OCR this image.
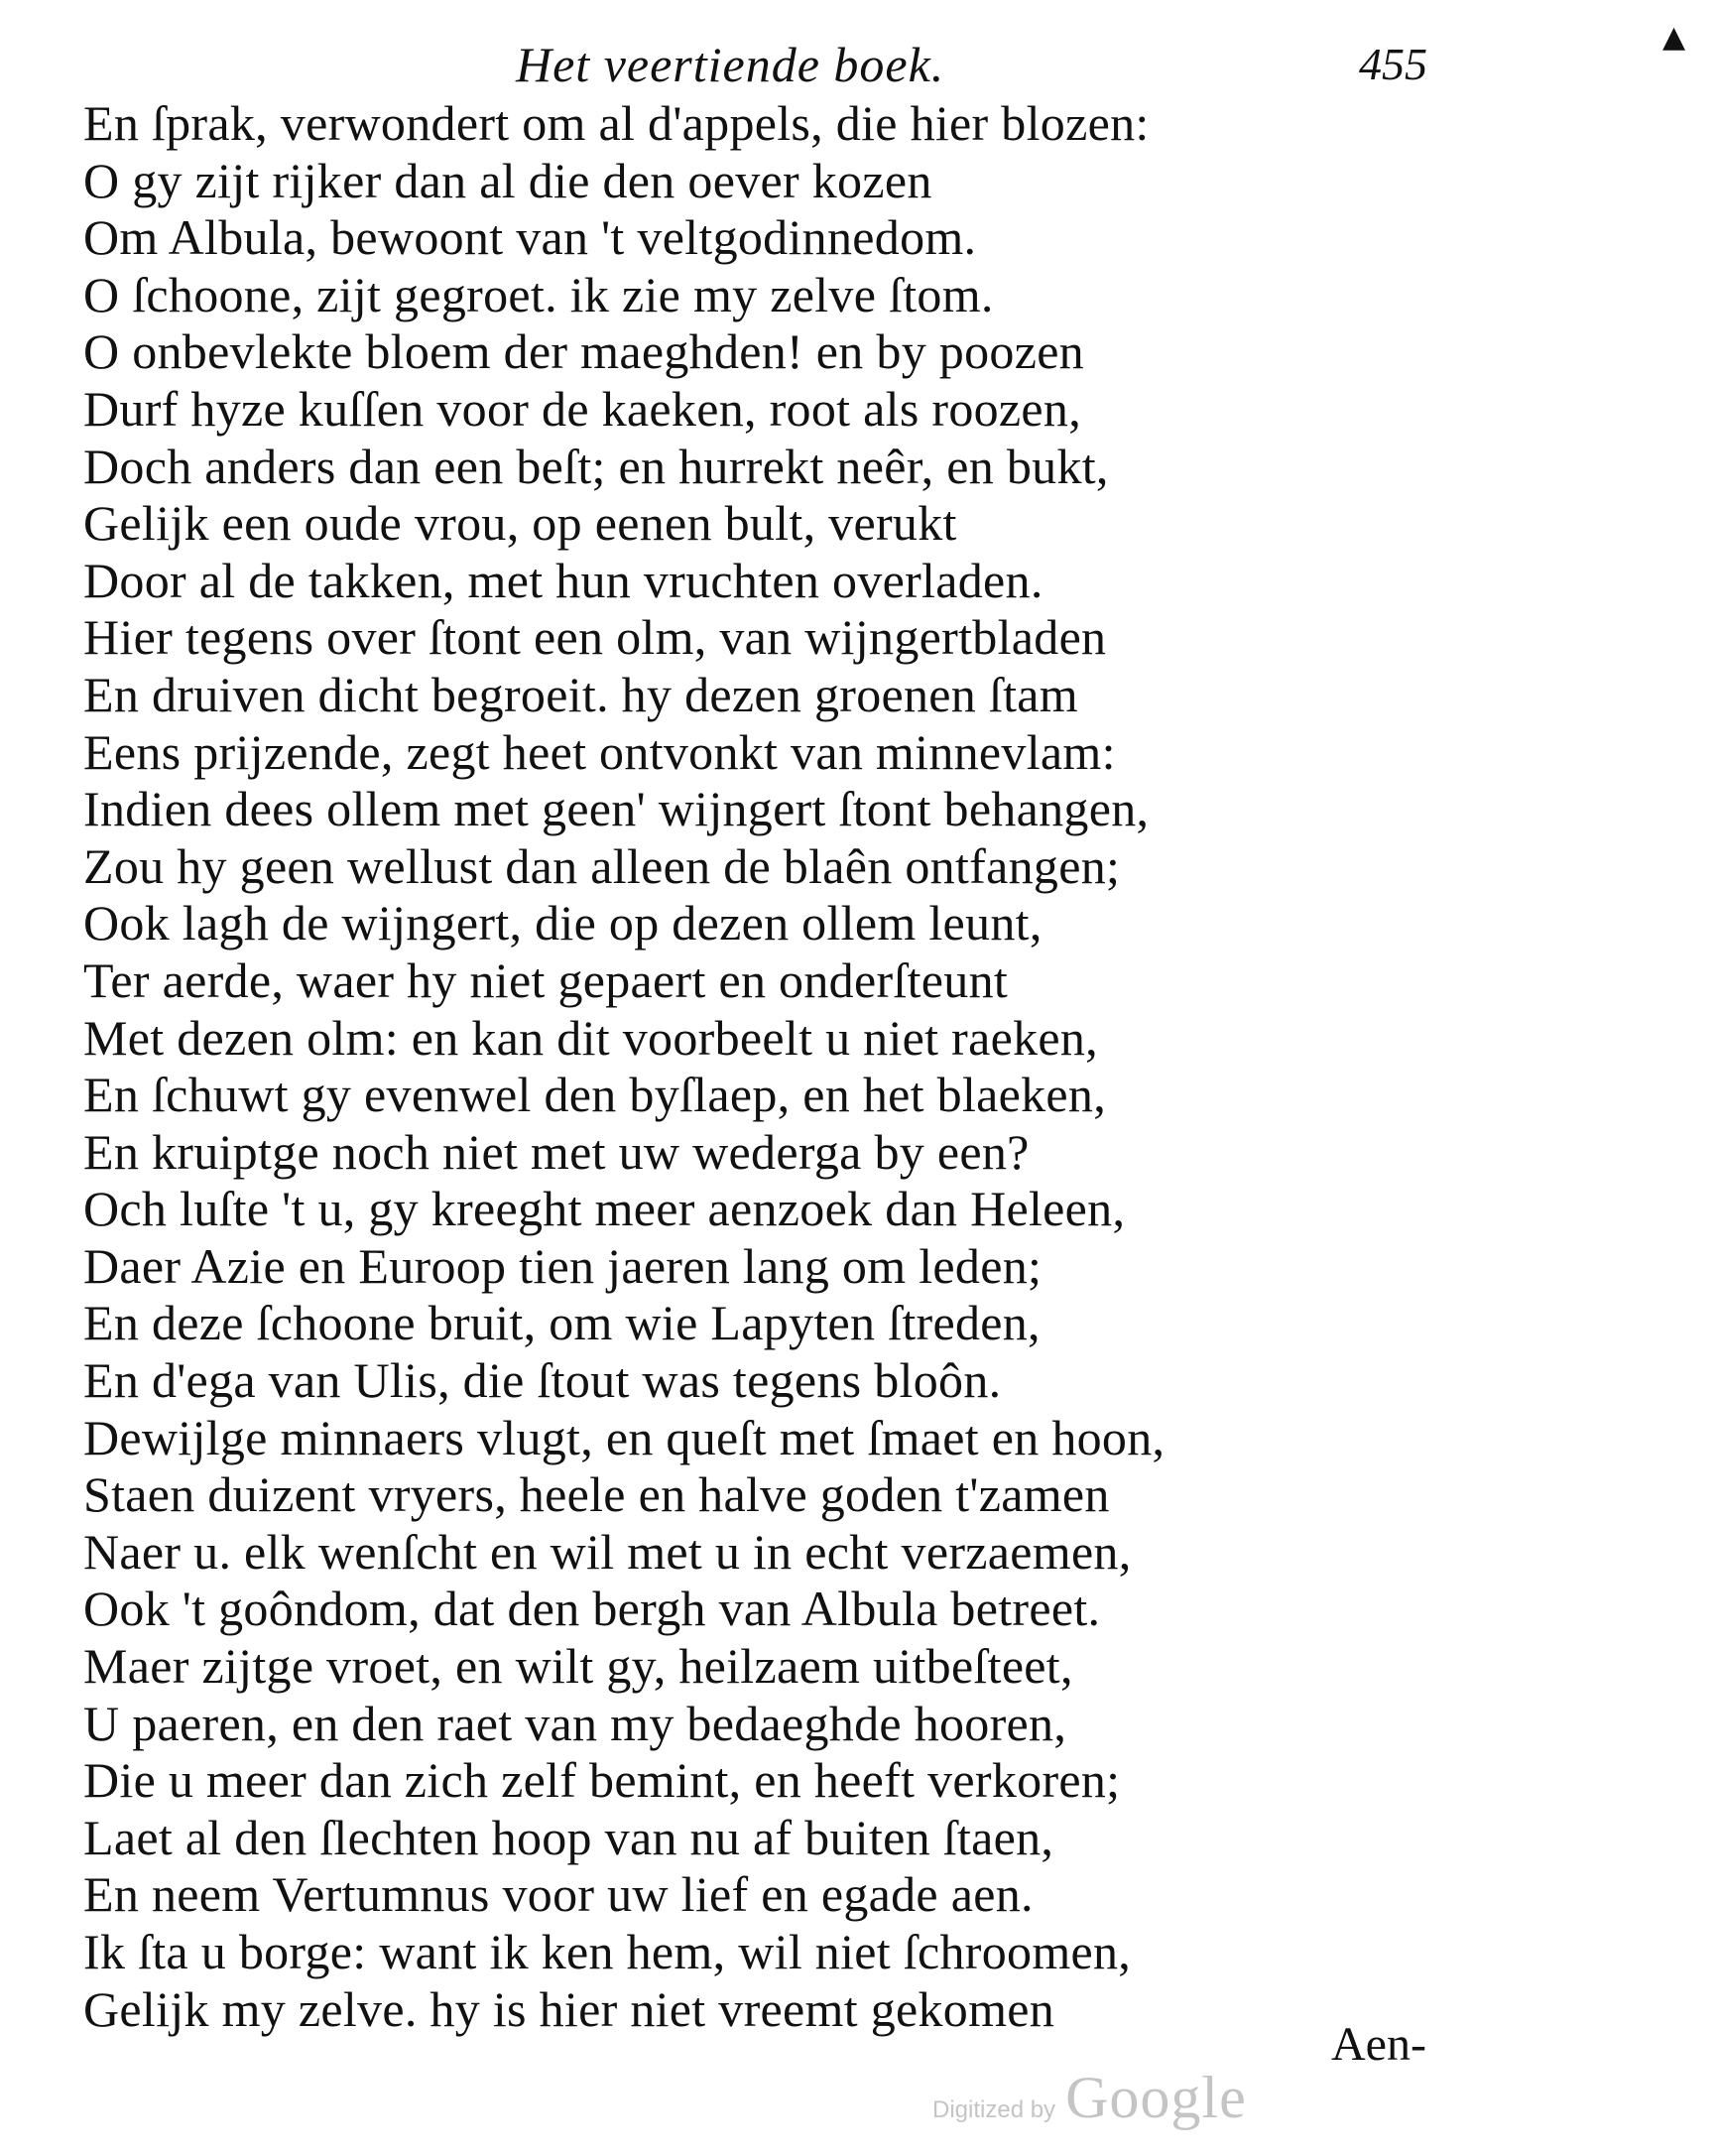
Het veertiende boek.	455
▲
En ſprak, verwondert om al d'appels, die hier blozen:
O gy zijt rijker dan al die den oever kozen
Om Albula, bewoont van 't veltgodinnedom.
O ſchoone, zijt gegroet. ik zie my zelve ſtom.
O onbevlekte bloem der maeghden! en by poozen
Durf hyze kuſſen voor de kaeken, root als roozen,
Doch anders dan een beſt; en hurrekt neêr, en bukt,
Gelijk een oude vrou, op eenen bult, verukt
Door al de takken, met hun vruchten overladen.
Hier tegens over ſtont een olm, van wijngertbladen
En druiven dicht begroeit. hy dezen groenen ſtam
Eens prijzende, zegt heet ontvonkt van minnevlam:
Indien dees ollem met geen' wijngert ſtont behangen,
Zou hy geen wellust dan alleen de blaên ontfangen;
Ook lagh de wijngert, die op dezen ollem leunt,
Ter aerde, waer hy niet gepaert en onderſteunt
Met dezen olm: en kan dit voorbeelt u niet raeken,
En ſchuwt gy evenwel den byſlaep, en het blaeken,
En kruiptge noch niet met uw wederga by een?
Och luſte 't u, gy kreeght meer aenzoek dan Heleen,
Daer Azie en Euroop tien jaeren lang om leden;
En deze ſchoone bruit, om wie Lapyten ſtreden,
En d'ega van Ulis, die ſtout was tegens bloôn.
Dewijlge minnaers vlugt, en queſt met ſmaet en hoon,
Staen duizent vryers, heele en halve goden t'zamen
Naer u. elk wenſcht en wil met u in echt verzaemen,
Ook 't goôndom, dat den bergh van Albula betreet.
Maer zijtge vroet, en wilt gy, heilzaem uitbeſteet,
U paeren, en den raet van my bedaeghde hooren,
Die u meer dan zich zelf bemint, en heeft verkoren;
Laet al den ſlechten hoop van nu af buiten ſtaen,
En neem Vertumnus voor uw lief en egade aen.
Ik ſta u borge: want ik ken hem, wil niet ſchroomen,
Gelijk my zelve. hy is hier niet vreemt gekomen
Aen-
Digitized by Google
